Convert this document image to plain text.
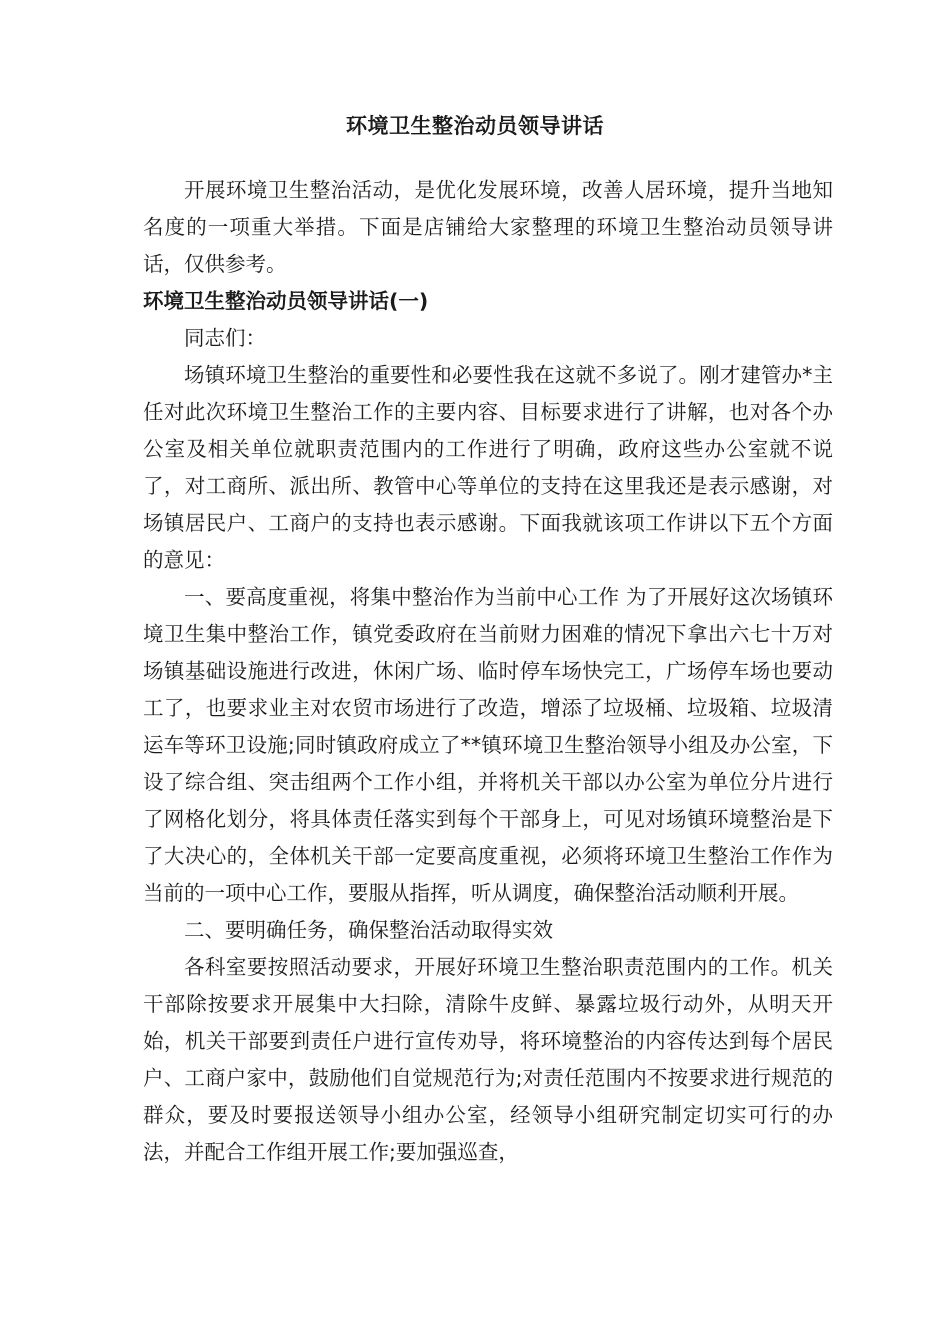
环境卫生整治动员领导讲话

开展环境卫生整治活动，是优化发展环境，改善人居环境，提升当地知名度的一项重大举措。下面是店铺给大家整理的环境卫生整治动员领导讲话，仅供参考。

环境卫生整治动员领导讲话(一)

同志们：

场镇环境卫生整治的重要性和必要性我在这就不多说了。刚才建管办*主任对此次环境卫生整治工作的主要内容、目标要求进行了讲解，也对各个办公室及相关单位就职责范围内的工作进行了明确，政府这些办公室就不说了，对工商所、派出所、教管中心等单位的支持在这里我还是表示感谢，对场镇居民户、工商户的支持也表示感谢。下面我就该项工作讲以下五个方面的意见：

一、要高度重视，将集中整治作为当前中心工作 为了开展好这次场镇环境卫生集中整治工作，镇党委政府在当前财力困难的情况下拿出六七十万对场镇基础设施进行改进，休闲广场、临时停车场快完工，广场停车场也要动工了，也要求业主对农贸市场进行了改造，增添了垃圾桶、垃圾箱、垃圾清运车等环卫设施;同时镇政府成立了**镇环境卫生整治领导小组及办公室，下设了综合组、突击组两个工作小组，并将机关干部以办公室为单位分片进行了网格化划分，将具体责任落实到每个干部身上，可见对场镇环境整治是下了大决心的，全体机关干部一定要高度重视，必须将环境卫生整治工作作为当前的一项中心工作，要服从指挥，听从调度，确保整治活动顺利开展。

二、要明确任务，确保整治活动取得实效

各科室要按照活动要求，开展好环境卫生整治职责范围内的工作。机关干部除按要求开展集中大扫除，清除牛皮鲜、暴露垃圾行动外，从明天开始，机关干部要到责任户进行宣传劝导，将环境整治的内容传达到每个居民户、工商户家中，鼓励他们自觉规范行为;对责任范围内不按要求进行规范的群众，要及时要报送领导小组办公室，经领导小组研究制定切实可行的办法，并配合工作组开展工作;要加强巡查，
